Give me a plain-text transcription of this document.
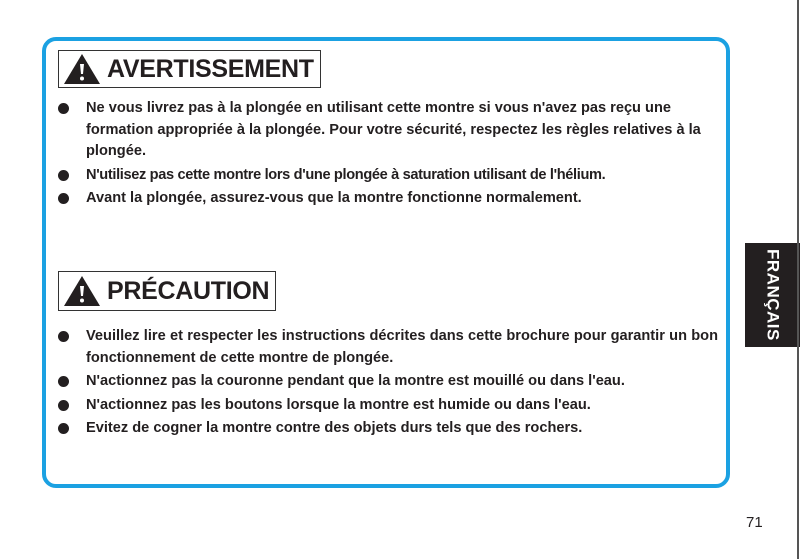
AVERTISSEMENT
Ne vous livrez pas à la plongée en utilisant cette montre si vous n'avez pas reçu une formation appropriée à la plongée. Pour votre sécurité, respectez les règles relatives à la plongée.
N'utilisez pas cette montre lors d'une plongée à saturation utilisant de l'hélium.
Avant la plongée, assurez-vous que la montre fonctionne normalement.
PRÉCAUTION
Veuillez lire et respecter les instructions décrites dans cette brochure pour garantir un bon fonctionnement de cette montre de plongée.
N'actionnez pas la couronne pendant que la montre est mouillé ou dans l'eau.
N'actionnez pas les boutons lorsque la montre est humide ou dans l'eau.
Evitez de cogner la montre contre des objets durs tels que des rochers.
FRANÇAIS
71
